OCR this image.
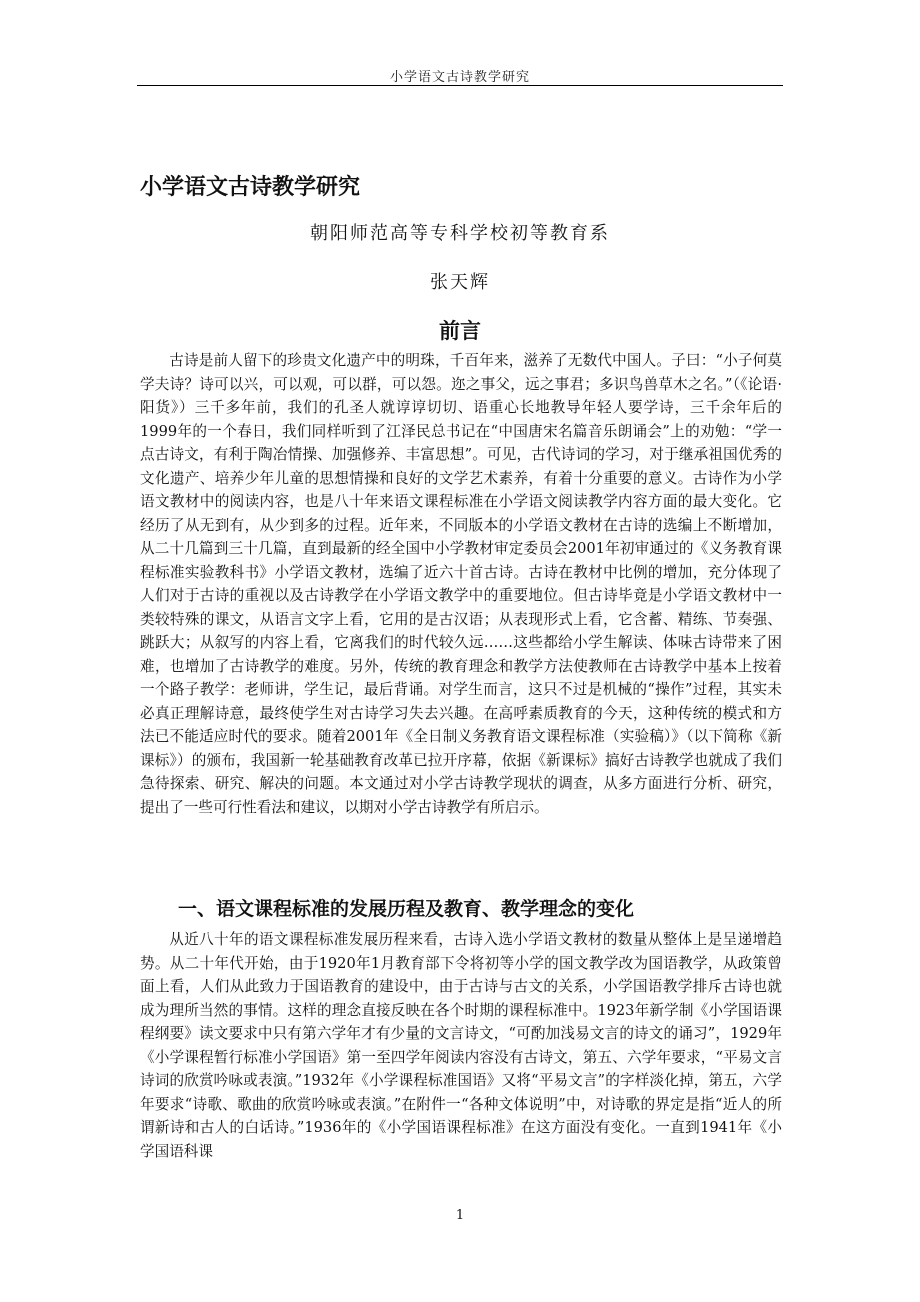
小学语文古诗教学研究
小学语文古诗教学研究
朝阳师范高等专科学校初等教育系
张天辉
前言

古诗是前人留下的珍贵文化遗产中的明珠，千百年来，滋养了无数代中国人。子曰：“小子何莫学夫诗？诗可以兴，可以观，可以群，可以怨。迩之事父，远之事君；多识鸟兽草木之名。”（《论语·阳货》）三千多年前，我们的孔圣人就谆谆切切、语重心长地教导年轻人要学诗，三千余年后的1999年的一个春日，我们同样听到了江泽民总书记在“中国唐宋名篇音乐朗诵会”上的劝勉：“学一点古诗文，有利于陶冶情操、加强修养、丰富思想”。可见，古代诗词的学习，对于继承祖国优秀的文化遗产、培养少年儿童的思想情操和良好的文学艺术素养，有着十分重要的意义。古诗作为小学语文教材中的阅读内容，也是八十年来语文课程标准在小学语文阅读教学内容方面的最大变化。它经历了从无到有，从少到多的过程。近年来，不同版本的小学语文教材在古诗的选编上不断增加，从二十几篇到三十几篇，直到最新的经全国中小学教材审定委员会2001年初审通过的《义务教育课程标准实验教科书》小学语文教材，选编了近六十首古诗。古诗在教材中比例的增加，充分体现了人们对于古诗的重视以及古诗教学在小学语文教学中的重要地位。但古诗毕竟是小学语文教材中一类较特殊的课文，从语言文字上看，它用的是古汉语；从表现形式上看，它含蓄、精练、节奏强、跳跃大；从叙写的内容上看，它离我们的时代较久远……这些都给小学生解读、体味古诗带来了困难，也增加了古诗教学的难度。另外，传统的教育理念和教学方法使教师在古诗教学中基本上按着一个路子教学：老师讲，学生记，最后背诵。对学生而言，这只不过是机械的“操作”过程，其实未必真正理解诗意，最终使学生对古诗学习失去兴趣。在高呼素质教育的今天，这种传统的模式和方法已不能适应时代的要求。随着2001年《全日制义务教育语文课程标准（实验稿）》（以下简称《新课标》）的颁布，我国新一轮基础教育改革已拉开序幕，依据《新课标》搞好古诗教学也就成了我们急待探索、研究、解决的问题。本文通过对小学古诗教学现状的调查，从多方面进行分析、研究，提出了一些可行性看法和建议，以期对小学古诗教学有所启示。

一、语文课程标准的发展历程及教育、教学理念的变化

从近八十年的语文课程标准发展历程来看，古诗入选小学语文教材的数量从整体上是呈递增趋势。从二十年代开始，由于1920年1月教育部下令将初等小学的国文教学改为国语教学，从政策曾面上看，人们从此致力于国语教育的建设中，由于古诗与古文的关系，小学国语教学排斥古诗也就成为理所当然的事情。这样的理念直接反映在各个时期的课程标准中。1923年新学制《小学国语课程纲要》读文要求中只有第六学年才有少量的文言诗文，“可酌加浅易文言的诗文的诵习”，1929年《小学课程暂行标准小学国语》第一至四学年阅读内容没有古诗文，第五、六学年要求，“平易文言诗词的欣赏吟咏或表演。”1932年《小学课程标准国语》又将“平易文言”的字样淡化掉，第五，六学年要求“诗歌、歌曲的欣赏吟咏或表演。”在附件一“各种文体说明”中，对诗歌的界定是指“近人的所谓新诗和古人的白话诗。”1936年的《小学国语课程标准》在这方面没有变化。一直到1941年《小学国语科课

1
